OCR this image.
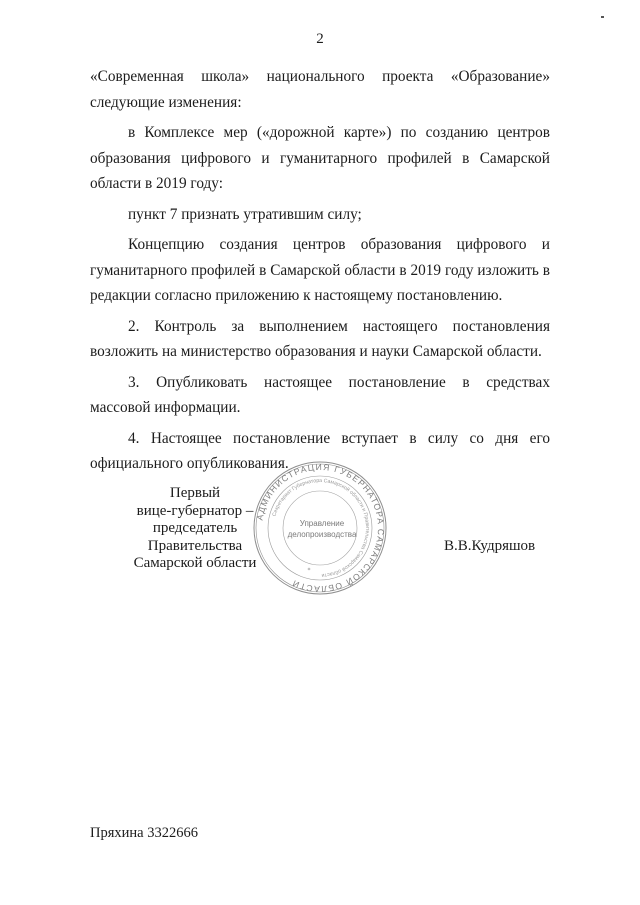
2

«Современная школа» национального проекта «Образование» следующие изменения:

в Комплексе мер («дорожной карте») по созданию центров образования цифрового и гуманитарного профилей в Самарской области в 2019 году:

пункт 7 признать утратившим силу;

Концепцию создания центров образования цифрового и гуманитарного профилей в Самарской области в 2019 году изложить в редакции согласно приложению к настоящему постановлению.

2. Контроль за выполнением настоящего постановления возложить на министерство образования и науки Самарской области.

3. Опубликовать настоящее постановление в средствах массовой информации.

4. Настоящее постановление вступает в силу со дня его официального опубликования.

АДМИНИСТРАЦИЯ ГУБЕРНАТОРА САМАРСКОЙ ОБЛАСТИ
Секретариат Губернатора Самарской области и Правительства Самарской области
Управление
делопроизводства
*
Первый
вице-губернатор –
председатель Правительства
Самарской области
В.В.Кудряшов
Пряхина 3322666
